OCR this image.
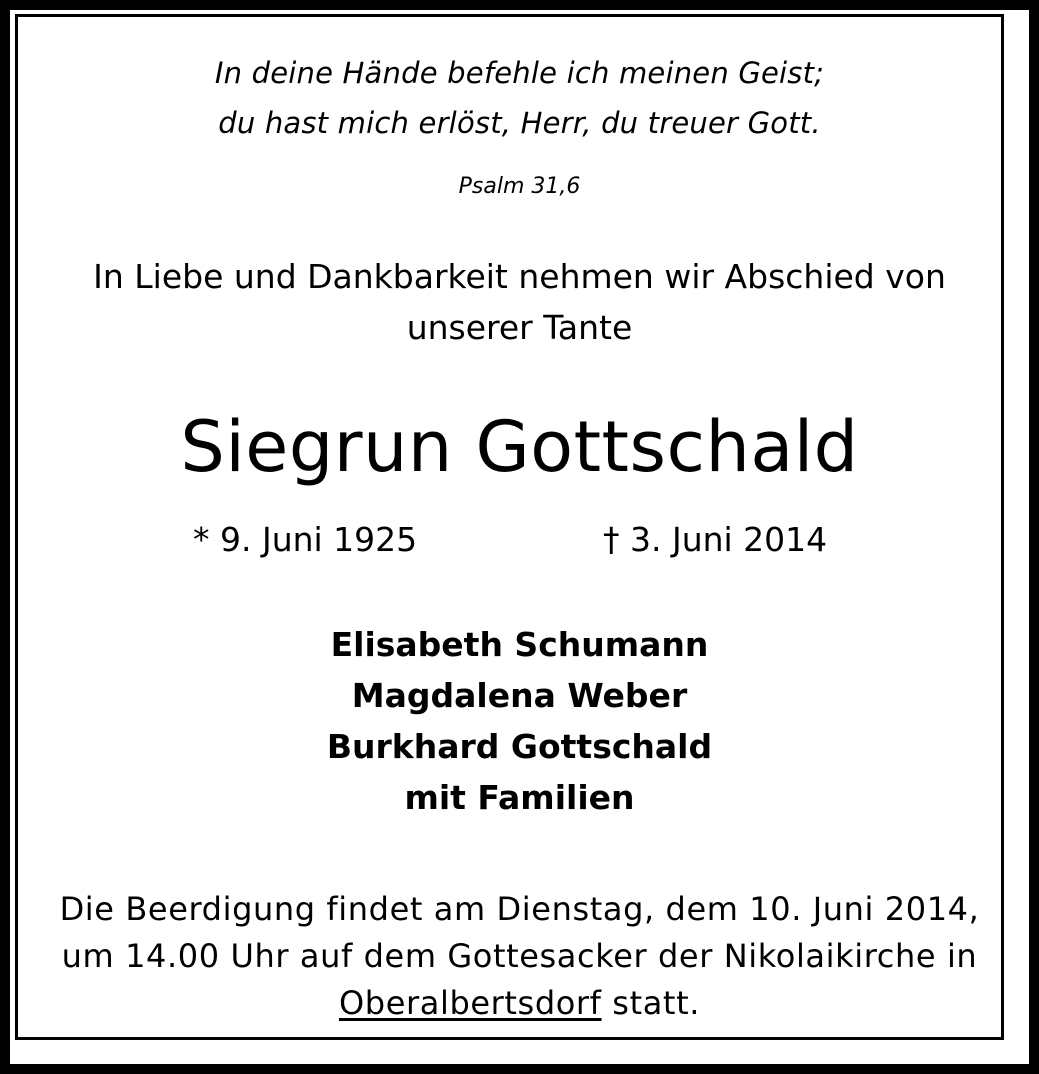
In deine Hände befehle ich meinen Geist;
du hast mich erlöst, Herr, du treuer Gott.
Psalm 31,6
In Liebe und Dankbarkeit nehmen wir Abschied von
unserer Tante
Siegrun Gottschald
* 9. Juni 1925	† 3. Juni 2014
Elisabeth Schumann
Magdalena Weber
Burkhard Gottschald
mit Familien
Die Beerdigung findet am Dienstag, dem 10. Juni 2014,
um 14.00 Uhr auf dem Gottesacker der Nikolaikirche in
Oberalbertsdorf statt.
